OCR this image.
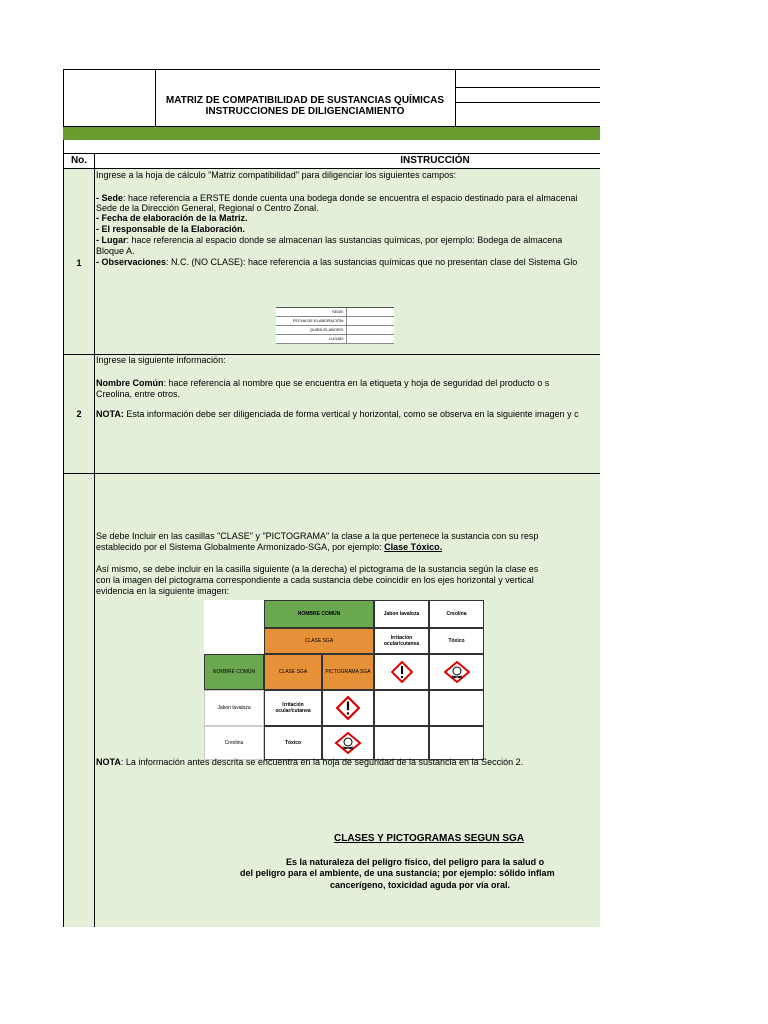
MATRIZ DE COMPATIBILIDAD DE SUSTANCIAS QUÍMICAS
INSTRUCCIONES DE DILIGENCIAMIENTO
No.	INSTRUCCIÓN
1
Ingrese a la hoja de cálculo "Matriz compatibilidad" para diligenciar los siguientes campos:
- Sede: hace referencia a ERSTE donde cuenta una bodega donde se encuentra el espacio destinado para el almacenai
Sede de la Dirección General, Regional o Centro Zonal.
- Fecha de elaboración de la Matriz.
- El responsable de la Elaboración.
- Lugar: hace referencia al espacio donde se almacenan las sustancias químicas, por ejemplo: Bodega de almacena
Bloque A.
- Observaciones: N.C. (NO CLASE): hace referencia a las sustancias químicas que no presentan clase del Sistema Glo
SEDE:
FECHA DE ELABORACIÓN:
QUIEN ELABORÓ:
LUGAR:
2
Ingrese la siguiente información:
Nombre Común: hace referencia al nombre que se encuentra en la etiqueta y hoja de seguridad del producto o s
Creolina, entre otros.
NOTA: Esta información debe ser diligenciada de forma vertical y horizontal, como se observa en la siguiente imagen y c
Se debe Incluir en las casillas "CLASE" y "PICTOGRAMA" la clase a la que pertenece la sustancia con su resp
establecido por el Sistema Globalmente Armonizado-SGA, por ejemplo: Clase Tóxico.
Así mismo, se debe incluir en la casilla siguiente (a la derecha) el pictograma de la sustancia según la clase es
con la imagen del pictograma correspondiente a cada sustancia debe coincidir en los ejes horizontal y vertical
evidencia en la siguiente imagen:
NOMBRE COMÚN	Jabon lavaloza	Creolina
CLASE SGA	Irritación ocular/cutanea	Tóxico
NOMBRE COMÚN	CLASE SGA	PICTOGRAMA SGA
Jabon lavaloza	Irritación ocular/cutanea
Creolina	Tóxico
NOTA: La información antes descrita se encuentra en la hoja de seguridad de la sustancia en la Sección 2.
CLASES Y PICTOGRAMAS SEGÚN SGA
Es la naturaleza del peligro físico, del peligro para la salud o
del peligro para el ambiente, de una sustancia; por ejemplo: sólido inflam
cancerígeno, toxicidad aguda por vía oral.
